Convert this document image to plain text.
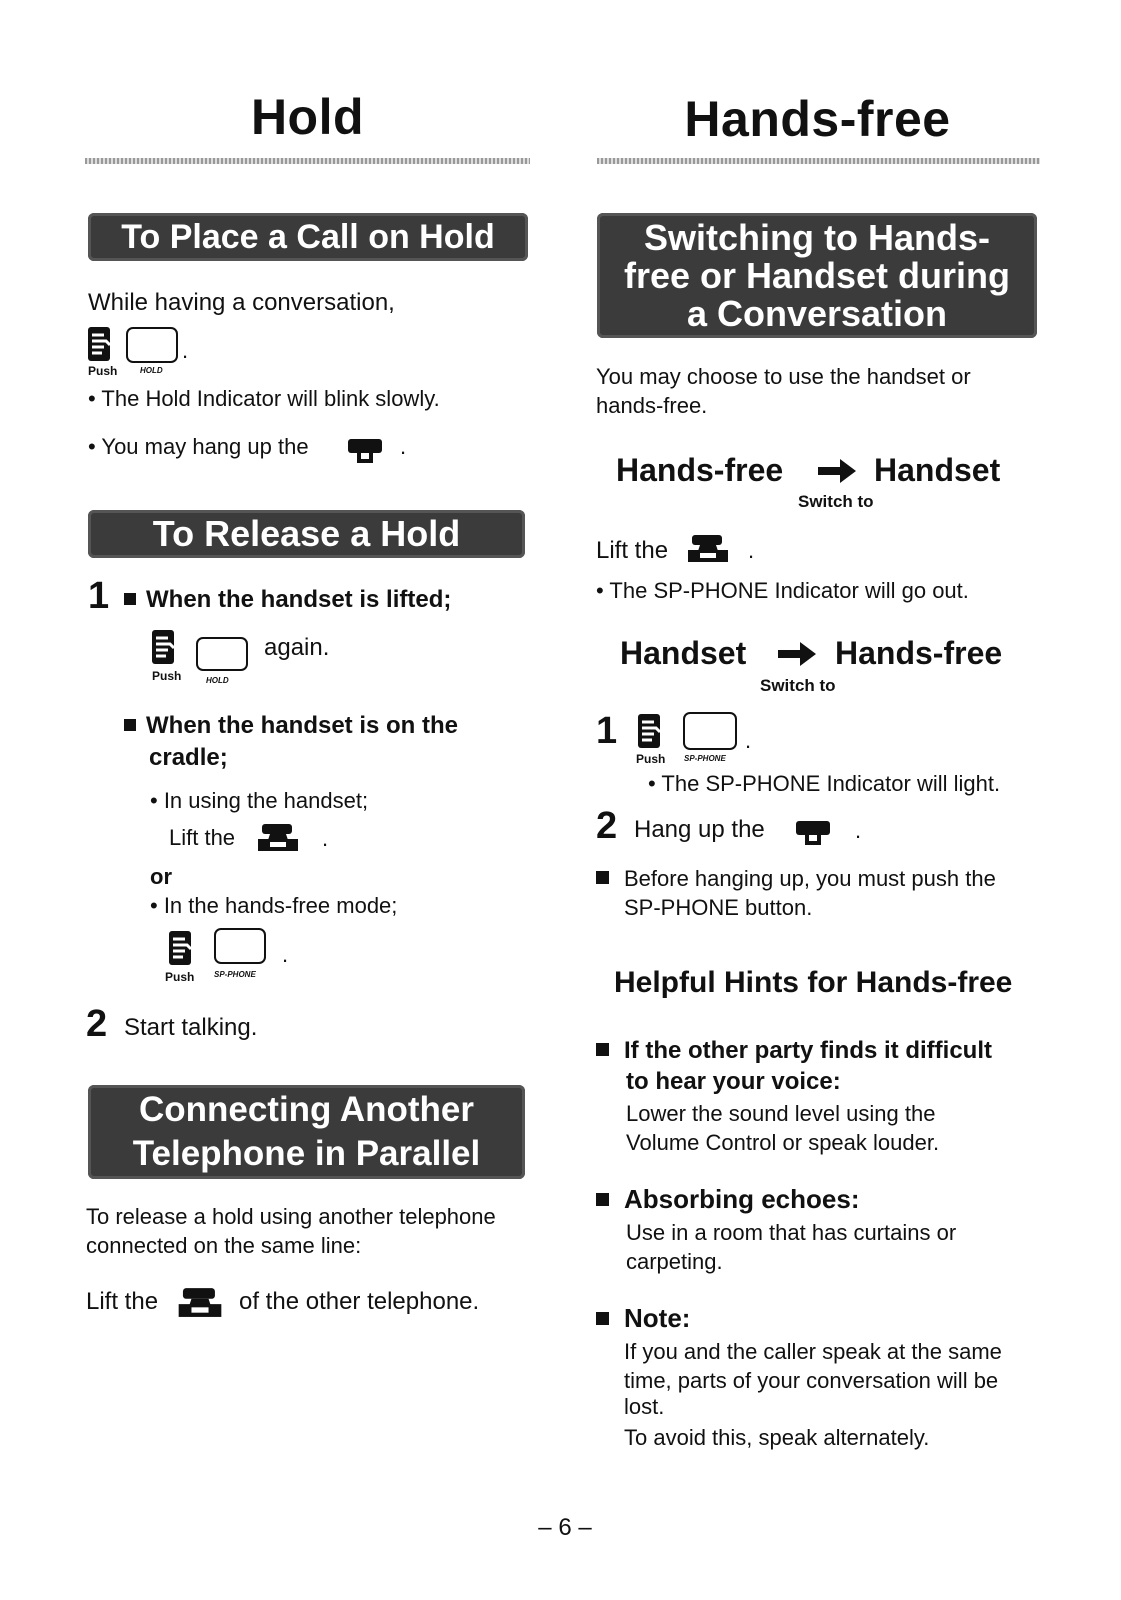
Hold
To Place a Call on Hold
While having a conversation,
.
Push	HOLD
• The Hold Indicator will blink slowly.
• You may hang up the	.
To Release a Hold
1	When the handset is lifted;
again.
Push	HOLD
When the handset is on the
cradle;
• In using the handset;
Lift the	.
or
• In the hands-free mode;
.
Push SP-PHONE
2 Start talking.
Connecting Another
Telephone in Parallel
To release a hold using another telephone
connected on the same line:
Lift the	of the other telephone.
Hands-free
Switching to Hands-
free or Handset during
a Conversation
You may choose to use the handset or
hands-free.
Hands-free	Handset
Switch to
Lift the	.
• The SP-PHONE Indicator will go out.
Handset	Hands-free
Switch to
1	.
Push SP-PHONE
• The SP-PHONE Indicator will light.
2 Hang up the	.
Before hanging up, you must push the
SP-PHONE button.
Helpful Hints for Hands-free
If the other party finds it difficult
to hear your voice:
Lower the sound level using the
Volume Control or speak louder.
Absorbing echoes:
Use in a room that has curtains or
carpeting.
Note:
If you and the caller speak at the same
time, parts of your conversation will be
lost.
To avoid this, speak alternately.
– 6 –
